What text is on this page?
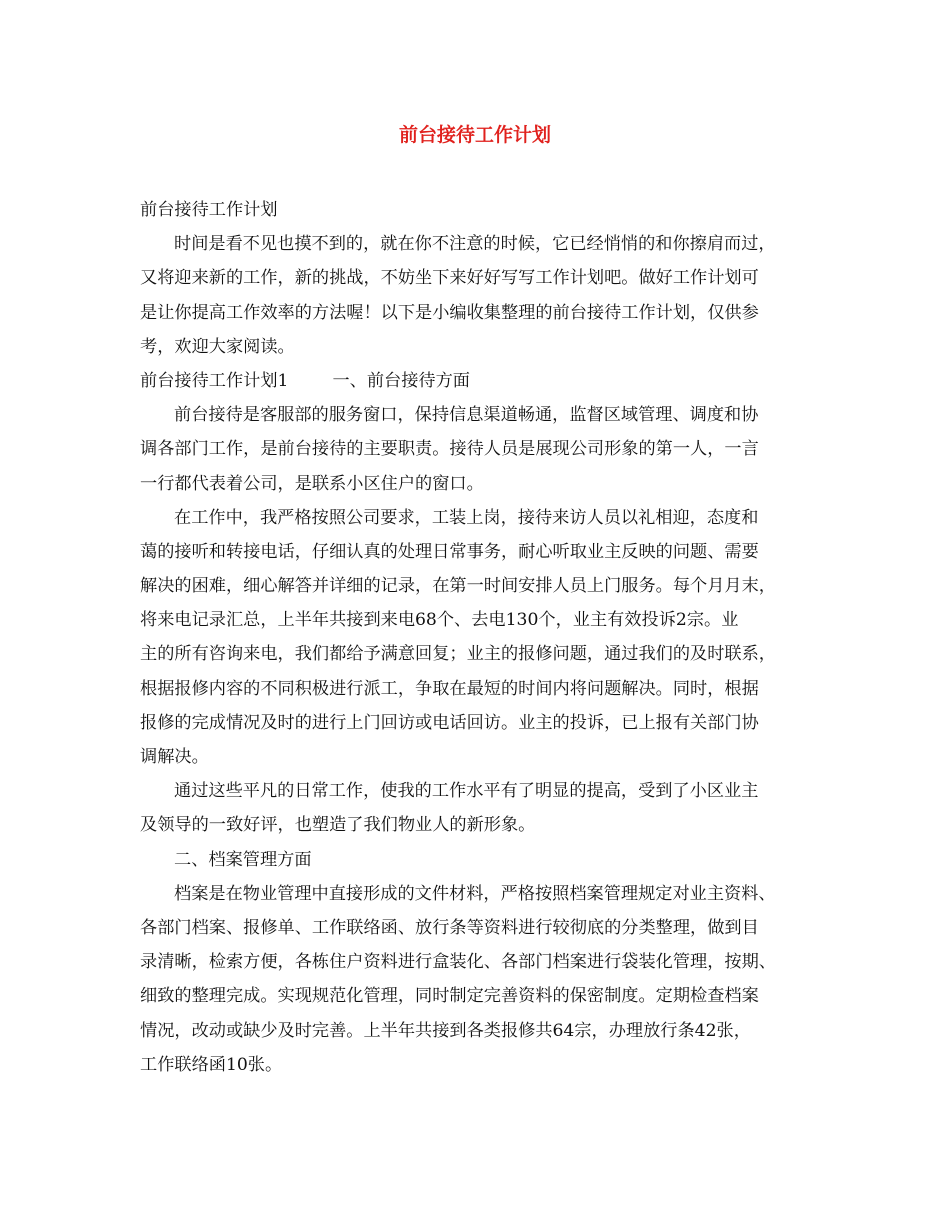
前台接待工作计划
前台接待工作计划
时间是看不见也摸不到的，就在你不注意的时候，它已经悄悄的和你擦肩而过，
又将迎来新的工作，新的挑战，不妨坐下来好好写写工作计划吧。做好工作计划可
是让你提高工作效率的方法喔！以下是小编收集整理的前台接待工作计划，仅供参
考，欢迎大家阅读。
前台接待工作计划1	一、前台接待方面
前台接待是客服部的服务窗口，保持信息渠道畅通，监督区域管理、调度和协
调各部门工作，是前台接待的主要职责。接待人员是展现公司形象的第一人，一言
一行都代表着公司，是联系小区住户的窗口。
在工作中，我严格按照公司要求，工装上岗，接待来访人员以礼相迎，态度和
蔼的接听和转接电话，仔细认真的处理日常事务，耐心听取业主反映的问题、需要
解决的困难，细心解答并详细的记录，在第一时间安排人员上门服务。每个月月末，
将来电记录汇总，上半年共接到来电68个、去电130个，业主有效投诉2宗。业
主的所有咨询来电，我们都给予满意回复；业主的报修问题，通过我们的及时联系，
根据报修内容的不同积极进行派工，争取在最短的时间内将问题解决。同时，根据
报修的完成情况及时的进行上门回访或电话回访。业主的投诉，已上报有关部门协
调解决。
通过这些平凡的日常工作，使我的工作水平有了明显的提高，受到了小区业主
及领导的一致好评，也塑造了我们物业人的新形象。
二、档案管理方面
档案是在物业管理中直接形成的文件材料，严格按照档案管理规定对业主资料、
各部门档案、报修单、工作联络函、放行条等资料进行较彻底的分类整理，做到目
录清晰，检索方便，各栋住户资料进行盒装化、各部门档案进行袋装化管理，按期、
细致的整理完成。实现规范化管理，同时制定完善资料的保密制度。定期检查档案
情况，改动或缺少及时完善。上半年共接到各类报修共64宗，办理放行条42张，
工作联络函10张。
